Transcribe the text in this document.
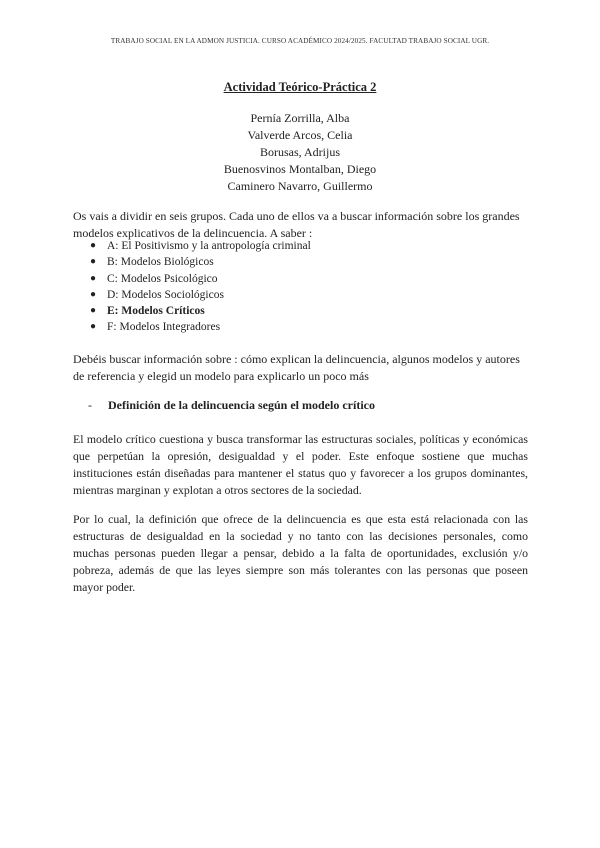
TRABAJO SOCIAL EN LA ADMON JUSTICIA. CURSO ACADÉMICO 2024/2025. FACULTAD TRABAJO SOCIAL UGR.
Actividad Teórico-Práctica 2
Pernía Zorrilla, Alba
Valverde Arcos, Celia
Borusas, Adrijus
Buenosvinos Montalban, Diego
Caminero Navarro, Guillermo
Os vais a dividir en seis grupos. Cada uno de ellos va a buscar información sobre los grandes modelos explicativos de la delincuencia. A saber :
● A: El Positivismo y la antropología criminal
● B: Modelos Biológicos
● C: Modelos Psicológico
● D: Modelos Sociológicos
● E: Modelos Críticos
● F: Modelos Integradores
Debéis buscar información sobre : cómo explican la delincuencia, algunos modelos y autores de referencia y elegid un modelo para explicarlo un poco más
- Definición de la delincuencia según el modelo crítico
El modelo crítico cuestiona y busca transformar las estructuras sociales, políticas y económicas que perpetúan la opresión, desigualdad y el poder. Este enfoque sostiene que muchas instituciones están diseñadas para mantener el status quo y favorecer a los grupos dominantes, mientras marginan y explotan a otros sectores de la sociedad.
Por lo cual, la definición que ofrece de la delincuencia es que esta está relacionada con las estructuras de desigualdad en la sociedad y no tanto con las decisiones personales, como muchas personas pueden llegar a pensar, debido a la falta de oportunidades, exclusión y/o pobreza, además de que las leyes siempre son más tolerantes con las personas que poseen mayor poder.
